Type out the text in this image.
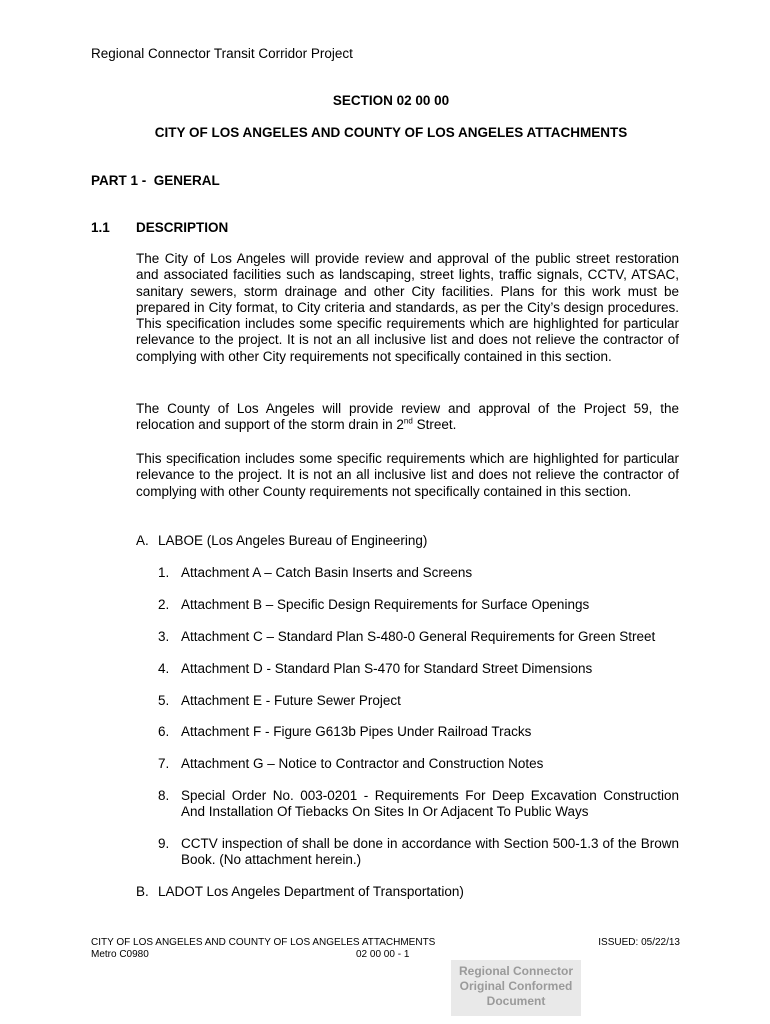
Regional Connector Transit Corridor Project
SECTION 02 00 00
CITY OF LOS ANGELES AND COUNTY OF LOS ANGELES ATTACHMENTS
PART 1 -  GENERAL
1.1 DESCRIPTION

The City of Los Angeles will provide review and approval of the public street restoration and associated facilities such as landscaping, street lights, traffic signals, CCTV, ATSAC, sanitary sewers, storm drainage and other City facilities. Plans for this work must be prepared in City format, to City criteria and standards, as per the City’s design procedures. This specification includes some specific requirements which are highlighted for particular relevance to the project. It is not an all inclusive list and does not relieve the contractor of complying with other City requirements not specifically contained in this section.

The County of Los Angeles will provide review and approval of the Project 59, the relocation and support of the storm drain in 2nd Street.

This specification includes some specific requirements which are highlighted for particular relevance to the project. It is not an all inclusive list and does not relieve the contractor of complying with other County requirements not specifically contained in this section.

A. LABOE (Los Angeles Bureau of Engineering)
1. Attachment A – Catch Basin Inserts and Screens
2. Attachment B – Specific Design Requirements for Surface Openings
3. Attachment C – Standard Plan S-480-0 General Requirements for Green Street
4. Attachment D - Standard Plan S-470 for Standard Street Dimensions
5. Attachment E - Future Sewer Project
6. Attachment F - Figure G613b Pipes Under Railroad Tracks
7. Attachment G – Notice to Contractor and Construction Notes
8. Special Order No. 003-0201 - Requirements For Deep Excavation Construction And Installation Of Tiebacks On Sites In Or Adjacent To Public Ways
9. CCTV inspection of shall be done in accordance with Section 500-1.3 of the Brown Book. (No attachment herein.)
B. LADOT Los Angeles Department of Transportation)
CITY OF LOS ANGELES AND COUNTY OF LOS ANGELES ATTACHMENTS	ISSUED: 05/22/13
Metro C0980	02 00 00 - 1
Regional Connector
Original Conformed
Document
